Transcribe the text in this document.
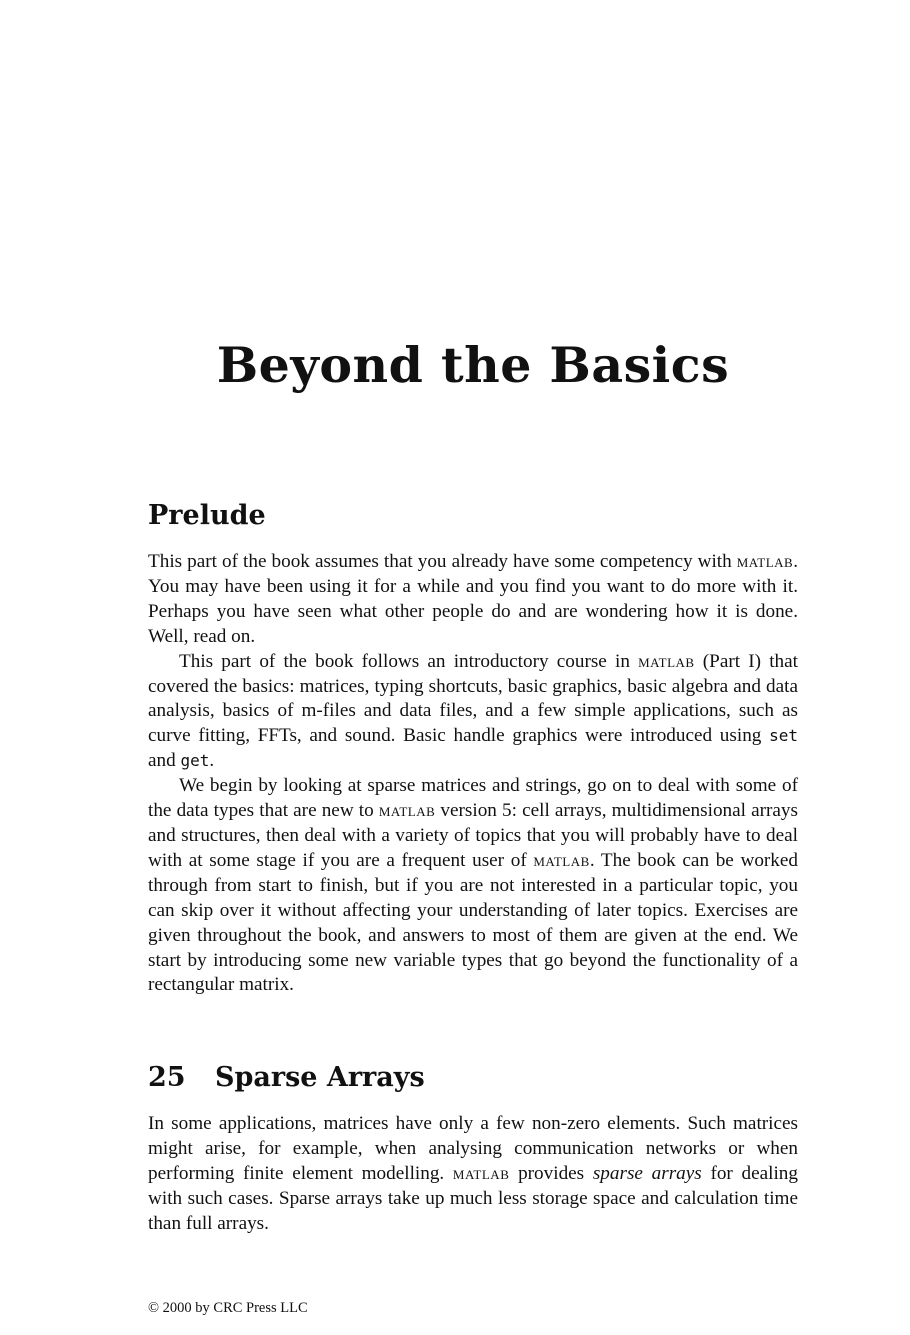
Beyond the Basics
Prelude

This part of the book assumes that you already have some competency with matlab. You may have been using it for a while and you find you want to do more with it. Perhaps you have seen what other people do and are wondering how it is done. Well, read on.

This part of the book follows an introductory course in matlab (Part I) that covered the basics: matrices, typing shortcuts, basic graphics, basic algebra and data analysis, basics of m-files and data files, and a few simple applications, such as curve fitting, FFTs, and sound. Basic handle graphics were introduced using set and get.

We begin by looking at sparse matrices and strings, go on to deal with some of the data types that are new to matlab version 5: cell arrays, multidimensional arrays and structures, then deal with a variety of topics that you will probably have to deal with at some stage if you are a frequent user of matlab. The book can be worked through from start to finish, but if you are not interested in a particular topic, you can skip over it without affecting your understanding of later topics. Exercises are given throughout the book, and answers to most of them are given at the end. We start by introducing some new variable types that go beyond the functionality of a rectangular matrix.

25 Sparse Arrays

In some applications, matrices have only a few non-zero elements. Such matrices might arise, for example, when analysing communication networks or when performing finite element modelling. matlab provides sparse arrays for dealing with such cases. Sparse arrays take up much less storage space and calculation time than full arrays.

© 2000 by CRC Press LLC
